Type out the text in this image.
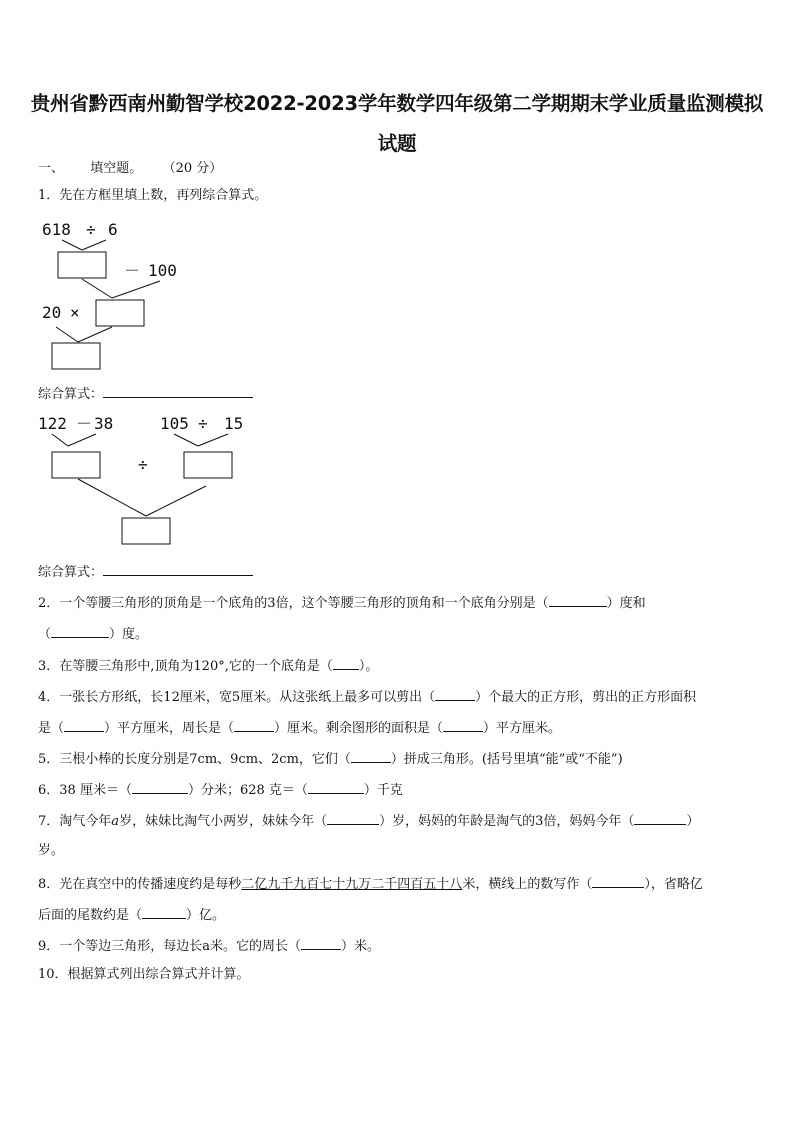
贵州省黔西南州勤智学校2022-2023学年数学四年级第二学期期末学业质量监测模拟
试题
一、 填空题。 （20 分）
1．先在方框里填上数，再列综合算式。
618 ÷ 6
－ 100
20 ×
122 － 38	105 ÷ 15
÷
综合算式：
综合算式：
2．一个等腰三角形的顶角是一个底角的3倍，这个等腰三角形的顶角和一个底角分别是（	）度和
（	）度。
3．在等腰三角形中,顶角为120°,它的一个底角是（ ）。
4．一张长方形纸，长12厘米，宽5厘米。从这张纸上最多可以剪出（	）个最大的正方形，剪出的正方形面积
是（	）平方厘米，周长是（	）厘米。剩余图形的面积是（	）平方厘米。
5．三根小棒的长度分别是7cm、9cm、2cm，它们（	）拼成三角形。(括号里填“能”或“不能”)
6．38 厘米＝（	）分米；628 克＝（	）千克
7．淘气今年a岁，妹妹比淘气小两岁，妹妹今年（	）岁，妈妈的年龄是淘气的3倍，妈妈今年（	）
岁。
8．光在真空中的传播速度约是每秒二亿九千九百七十九万二千四百五十八米，横线上的数写作（	），省略亿
后面的尾数约是（	）亿。
9．一个等边三角形，每边长a米。它的周长（	）米。
10．根据算式列出综合算式并计算。
